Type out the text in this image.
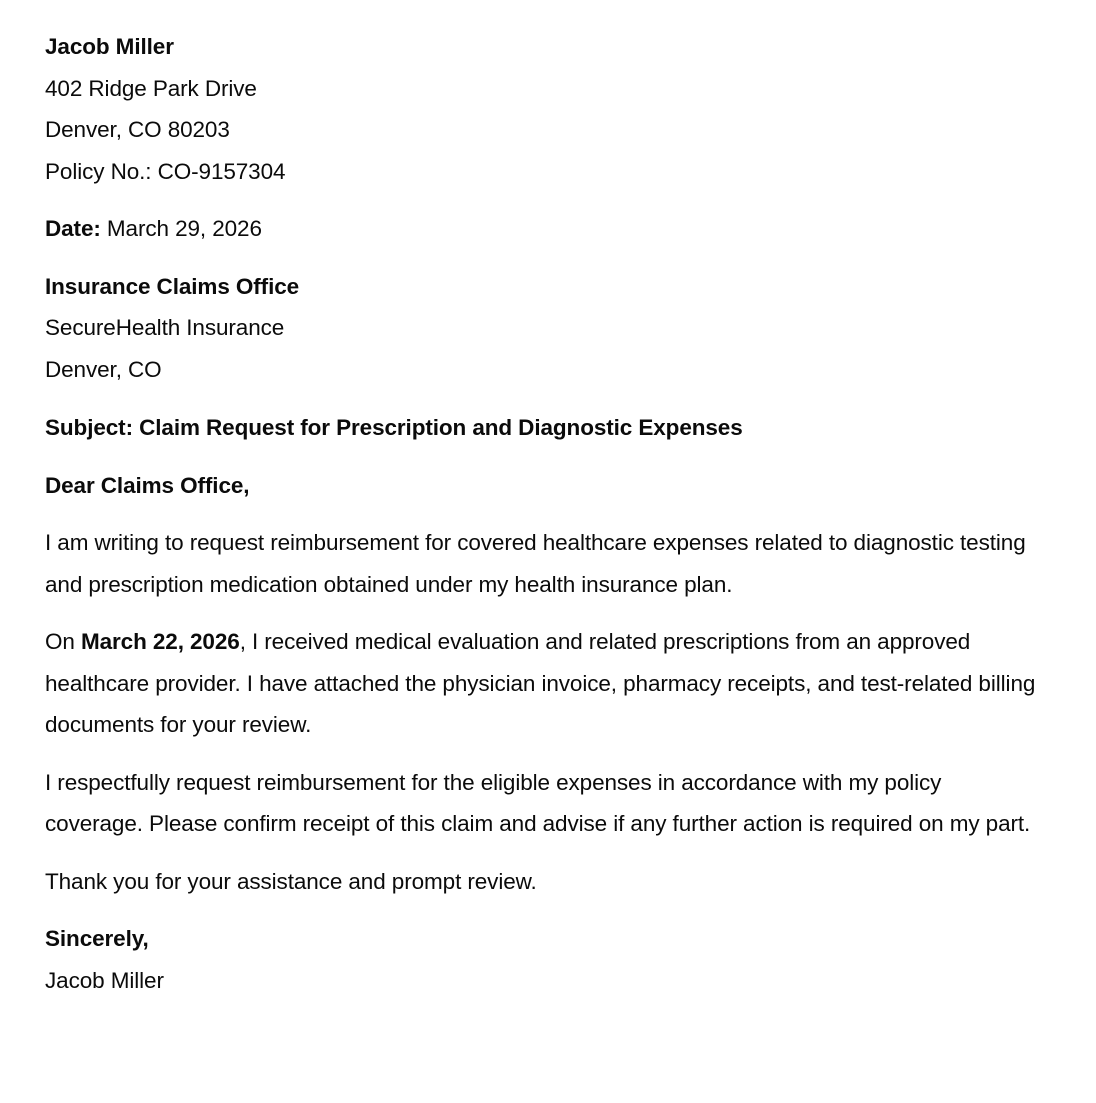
Jacob Miller
402 Ridge Park Drive
Denver, CO 80203
Policy No.: CO-9157304
Date: March 29, 2026
Insurance Claims Office
SecureHealth Insurance
Denver, CO
Subject: Claim Request for Prescription and Diagnostic Expenses
Dear Claims Office,

I am writing to request reimbursement for covered healthcare expenses related to diagnostic testing and prescription medication obtained under my health insurance plan.

On March 22, 2026, I received medical evaluation and related prescriptions from an approved healthcare provider. I have attached the physician invoice, pharmacy receipts, and test-related billing documents for your review.

I respectfully request reimbursement for the eligible expenses in accordance with my policy coverage. Please confirm receipt of this claim and advise if any further action is required on my part.

Thank you for your assistance and prompt review.

Sincerely,
Jacob Miller
